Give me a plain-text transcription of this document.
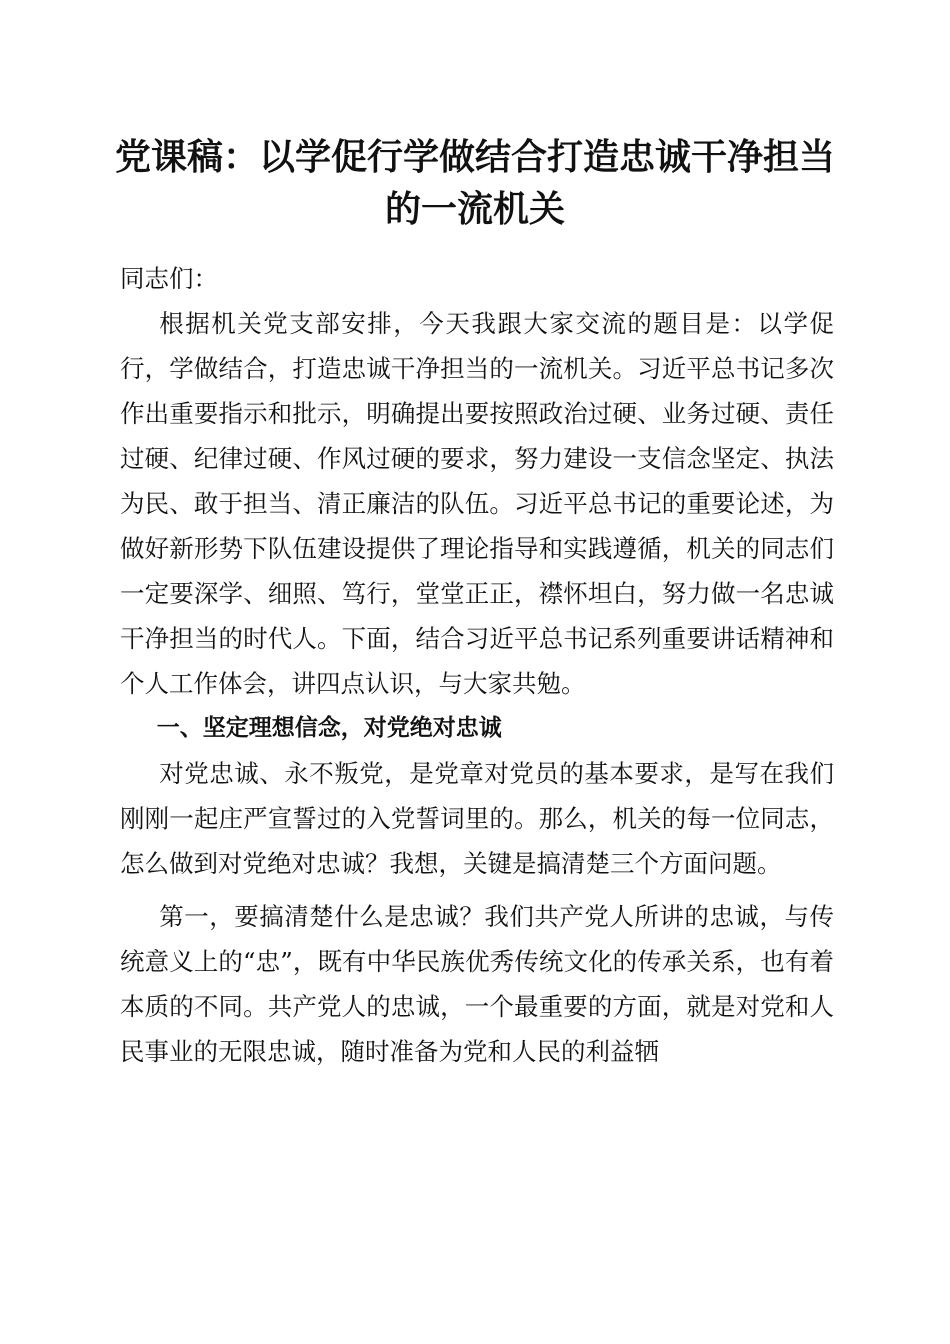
党课稿：以学促行学做结合打造忠诚干净担当
的一流机关

同志们：

根据机关党支部安排，今天我跟大家交流的题目是：以学促行，学做结合，打造忠诚干净担当的一流机关。习近平总书记多次作出重要指示和批示，明确提出要按照政治过硬、业务过硬、责任过硬、纪律过硬、作风过硬的要求，努力建设一支信念坚定、执法为民、敢于担当、清正廉洁的队伍。习近平总书记的重要论述，为做好新形势下队伍建设提供了理论指导和实践遵循，机关的同志们一定要深学、细照、笃行，堂堂正正，襟怀坦白，努力做一名忠诚干净担当的时代人。下面，结合习近平总书记系列重要讲话精神和个人工作体会，讲四点认识，与大家共勉。

一、坚定理想信念，对党绝对忠诚

对党忠诚、永不叛党，是党章对党员的基本要求，是写在我们刚刚一起庄严宣誓过的入党誓词里的。那么，机关的每一位同志，怎么做到对党绝对忠诚？我想，关键是搞清楚三个方面问题。

第一，要搞清楚什么是忠诚？我们共产党人所讲的忠诚，与传统意义上的“忠”，既有中华民族优秀传统文化的传承关系，也有着本质的不同。共产党人的忠诚，一个最重要的方面，就是对党和人民事业的无限忠诚，随时准备为党和人民的利益牺
